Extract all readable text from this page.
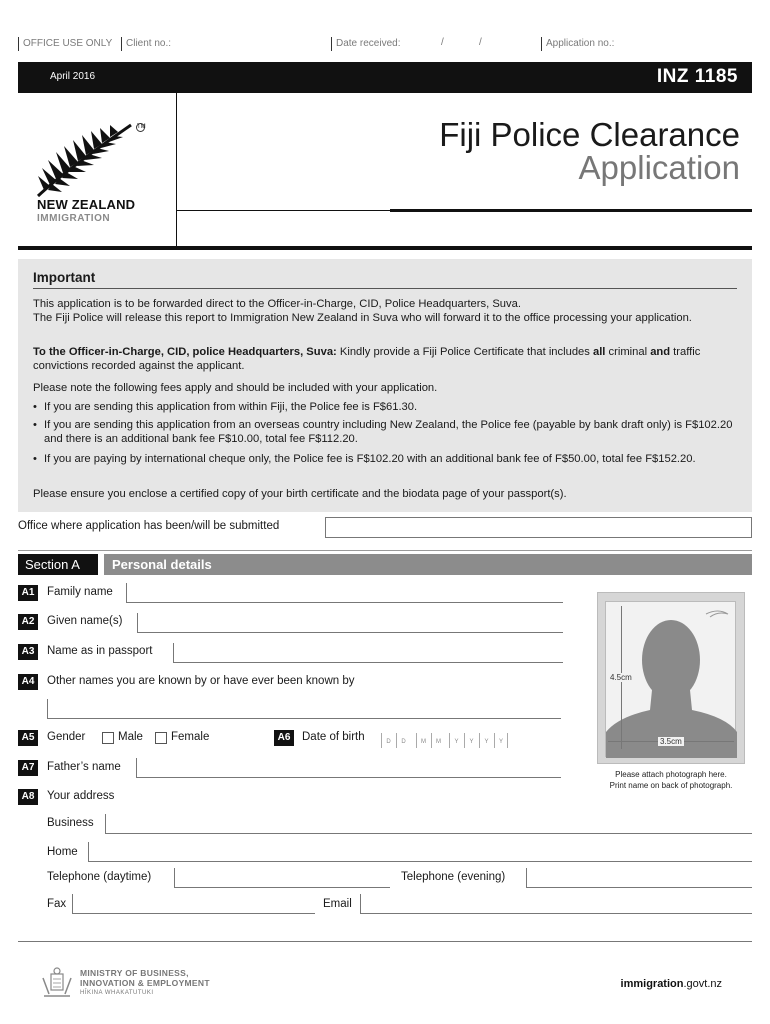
OFFICE USE ONLY	Client no.:	Date received:	/	/	Application no.:
April 2016	INZ 1185
Fiji Police Clearance
Application
TM
NEW ZEALAND
IMMIGRATION
Important
This application is to be forwarded direct to the Officer-in-Charge, CID, Police Headquarters, Suva.
The Fiji Police will release this report to Immigration New Zealand in Suva who will forward it to the office processing your application.
To the Officer-in-Charge, CID, police Headquarters, Suva: Kindly provide a Fiji Police Certificate that includes all criminal and traffic convictions recorded against the applicant.
Please note the following fees apply and should be included with your application.
• If you are sending this application from within Fiji, the Police fee is F$61.30.
• If you are sending this application from an overseas country including New Zealand, the Police fee (payable by bank draft only) is F$102.20 and there is an additional bank fee F$10.00, total fee F$112.20.
• If you are paying by international cheque only, the Police fee is F$102.20 with an additional bank fee of F$50.00, total fee F$152.20.
Please ensure you enclose a certified copy of your birth certificate and the biodata page of your passport(s).
Office where application has been/will be submitted
Section A	Personal details
A1	Family name
A2	Given name(s)
A3	Name as in passport
A4	Other names you are known by or have ever been known by
A5	Gender	Male Female	A6	Date of birth	D	D	M	M	Y	Y	Y	Y
A7	Father’s name
A8	Your address
Business
Home
Telephone (daytime)	Telephone (evening)
Fax	Email
4.5cm
3.5cm
Please attach photograph here.
Print name on back of photograph.
MINISTRY OF BUSINESS,
INNOVATION & EMPLOYMENT
HĪKINA WHAKATUTUKI
immigration.govt.nz
